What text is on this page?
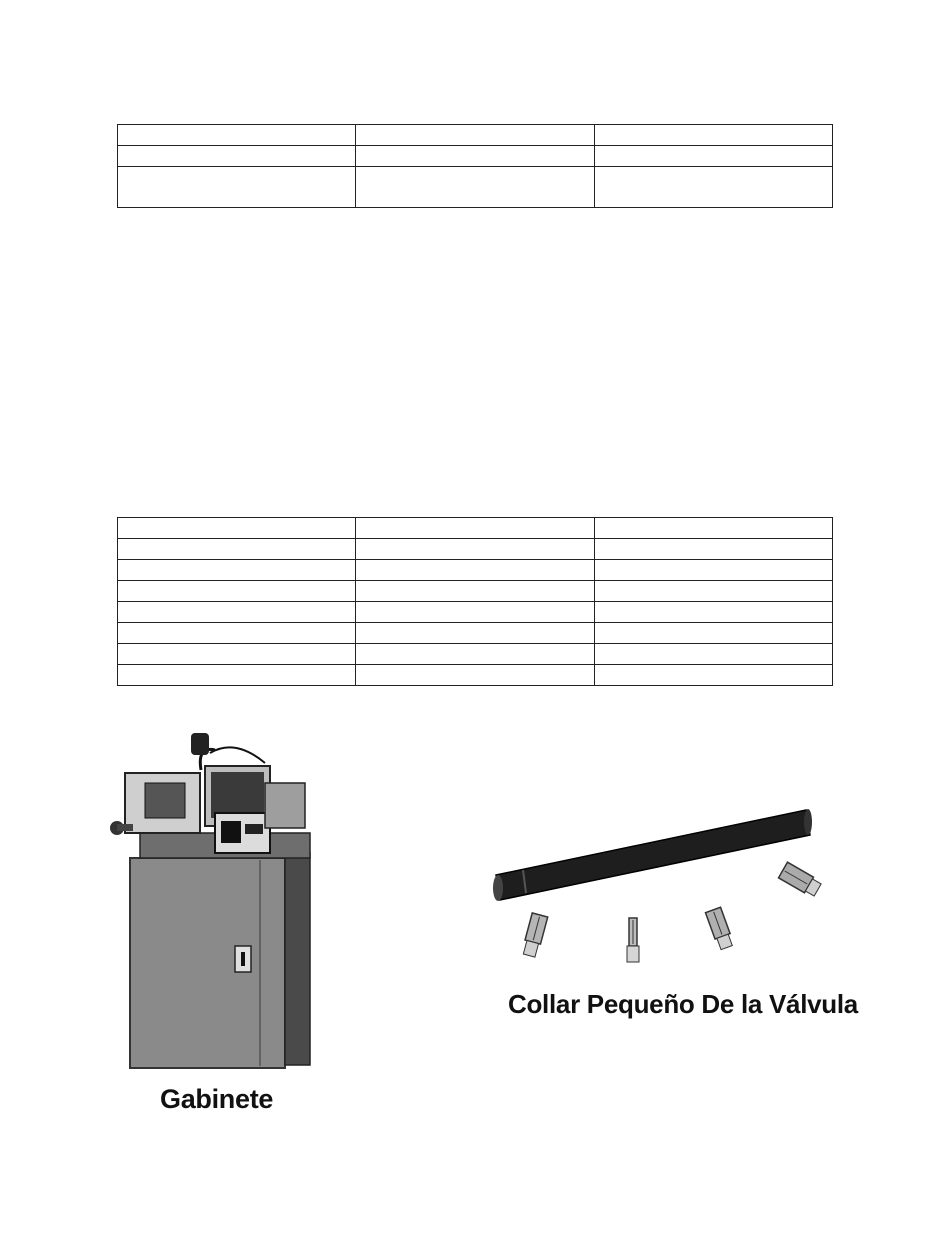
Gabinete
Collar Pequeño De la Válvula
